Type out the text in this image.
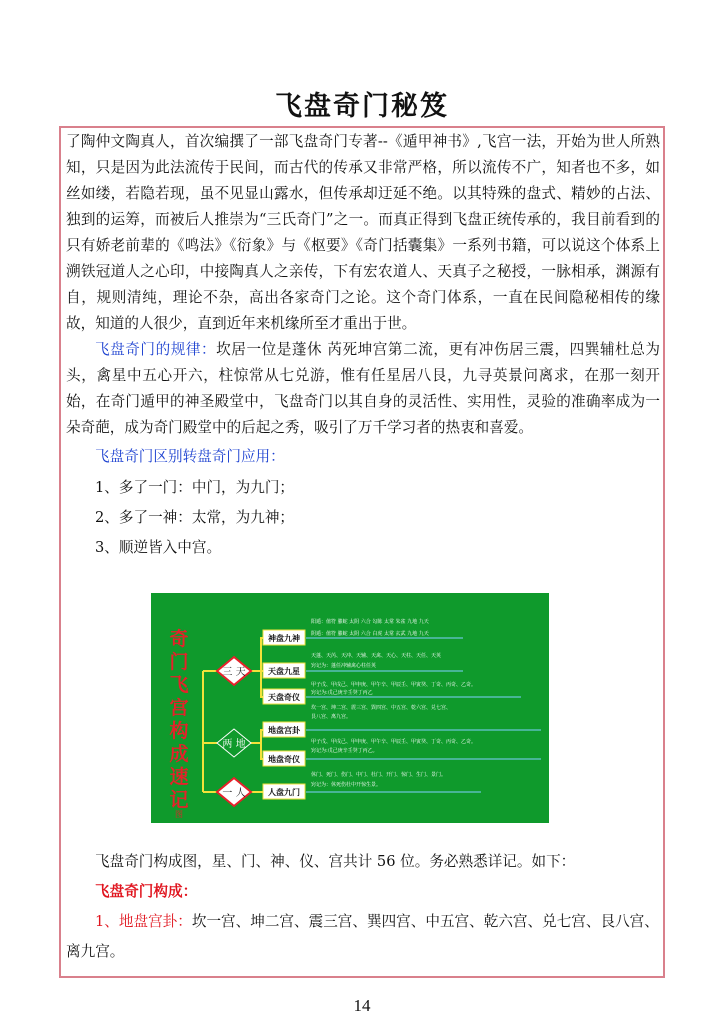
飞盘奇门秘笈

了陶仲文陶真人，首次编撰了一部飞盘奇门专著--《遁甲神书》,飞宫一法，开始为世人所熟知，只是因为此法流传于民间，而古代的传承又非常严格，所以流传不广，知者也不多，如丝如缕，若隐若现，虽不见显山露水，但传承却迂延不绝。以其特殊的盘式、精妙的占法、独到的运筹，而被后人推崇为“三氏奇门”之一。而真正得到飞盘正统传承的，我目前看到的只有娇老前辈的《鸣法》《衍象》与《枢要》《奇门括囊集》一系列书籍，可以说这个体系上溯铁冠道人之心印，中接陶真人之亲传，下有宏农道人、天真子之秘授，一脉相承，渊源有自，规则清纯，理论不杂，高出各家奇门之论。这个奇门体系，一直在民间隐秘相传的缘故，知道的人很少，直到近年来机缘所至才重出于世。

飞盘奇门的规律：坎居一位是蓬休 芮死坤宫第二流，更有冲伤居三震，四巽辅杜总为头，禽星中五心开六，柱惊常从七兑游，惟有任星居八艮，九寻英景问离求，在那一刻开始，在奇门遁甲的神圣殿堂中，飞盘奇门以其自身的灵活性、实用性，灵验的准确率成为一朵奇葩，成为奇门殿堂中的后起之秀，吸引了万千学习者的热衷和喜爱。

飞盘奇门区别转盘奇门应用：

1、多了一门：中门，为九门；

2、多了一神：太常，为九神；

3、顺逆皆入中宫。

奇
门
飞
宫
构
成
速
记
图
三 天
两 地
一 人
神盘九神
天盘九星
天盘奇仪
地盘宫卦
地盘奇仪
人盘九门
阳遁：值符 螣蛇 太阴 六合 勾陈 太常 朱雀 九地 九天
阴遁：值符 螣蛇 太阴 六合 白虎 太常 玄武 九地 九天
天蓬、天芮、天冲、天辅、天禽、天心、天柱、天任、天英
窍记为：蓬任冲辅禽心柱任英
甲子戊、甲戌己、甲申庚、甲午辛、甲辰壬、甲寅癸、丁奇、丙奇、乙奇。
窍记为:戊己庚辛壬癸丁丙乙
坎一宫、坤二宫、震三宫、巽四宫、中五宫、乾六宫、兑七宫、
艮八宫、离九宫。
甲子戊、甲戌己、甲申庚、甲午辛、甲辰壬、甲寅癸、丁奇、丙奇、乙奇。
窍记为:戊己庚辛壬癸丁丙乙。
休门、死门、伤门、中门、杜门、开门、惊门、生门、景门。
窍记为：休死伤杜中开惊生景。

飞盘奇门构成图，星、门、神、仪、宫共计 56 位。务必熟悉详记。如下：

飞盘奇门构成：

1、地盘宫卦：坎一宫、坤二宫、震三宫、巽四宫、中五宫、乾六宫、兑七宫、艮八宫、离九宫。

14
